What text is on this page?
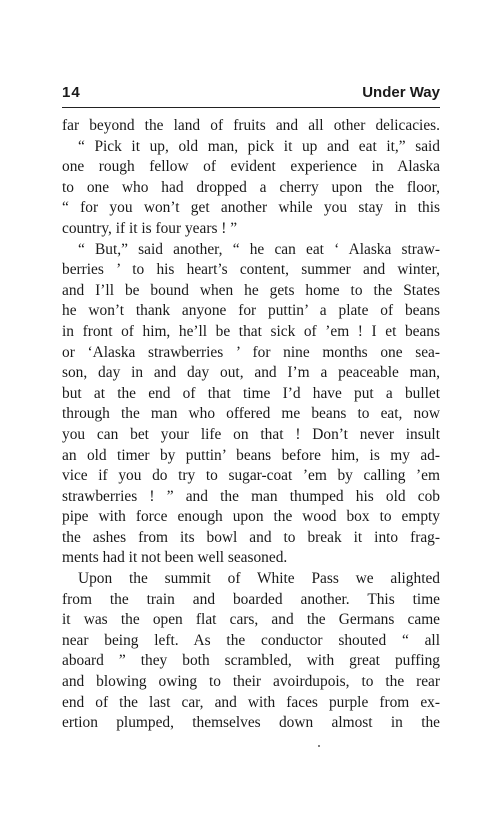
14	Under Way
far beyond the land of fruits and all other delicacies.
“ Pick it up, old man, pick it up and eat it,” said
one rough fellow of evident experience in Alaska
to one who had dropped a cherry upon the floor,
“ for you won’t get another while you stay in this
country, if it is four years ! ”
“ But,” said another, “ he can eat ‘ Alaska straw-
berries ’ to his heart’s content, summer and winter,
and I’ll be bound when he gets home to the States
he won’t thank anyone for puttin’ a plate of beans
in front of him, he’ll be that sick of ’em ! I et beans
or ‘Alaska strawberries ’ for nine months one sea-
son, day in and day out, and I’m a peaceable man,
but at the end of that time I’d have put a bullet
through the man who offered me beans to eat, now
you can bet your life on that ! Don’t never insult
an old timer by puttin’ beans before him, is my ad-
vice if you do try to sugar-coat ’em by calling ’em
strawberries ! ” and the man thumped his old cob
pipe with force enough upon the wood box to empty
the ashes from its bowl and to break it into frag-
ments had it not been well seasoned.
Upon the summit of White Pass we alighted
from the train and boarded another. This time
it was the open flat cars, and the Germans came
near being left. As the conductor shouted “ all
aboard ” they both scrambled, with great puffing
and blowing owing to their avoirdupois, to the rear
end of the last car, and with faces purple from ex-
ertion plumped, themselves down almost in the
